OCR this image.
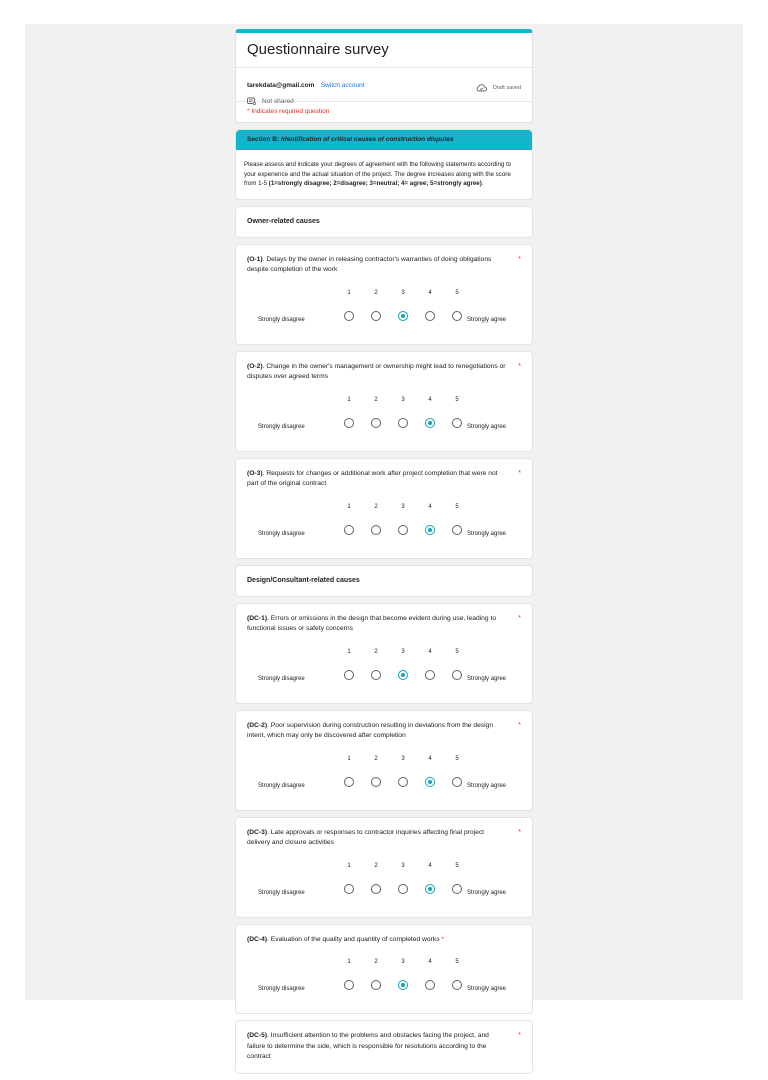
Questionnaire survey
tarekdata@gmail.com Switch account
Not shared
Draft saved
* Indicates required question
Section B: Identification of critical causes of construction disputes
Please assess and indicate your degrees of agreement with the following statements according to your experience and the actual situation of the project. The degree increases along with the score from 1-5 (1=strongly disagree; 2=disagree; 3=neutral; 4= agree; 5=strongly agree).
Owner-related causes
(O-1). Delays by the owner in releasing contractor's warranties of doing obligations despite completion of the work
*
Strongly disagree
1	2	3	4	5
Strongly agree
(O-2). Change in the owner's management or ownership might lead to renegotiations or disputes over agreed terms
*
Strongly disagree
1	2	3	4	5
Strongly agree
(O-3). Requests for changes or additional work after project completion that were not part of the original contract
*
Strongly disagree
1	2	3	4	5
Strongly agree
Design/Consultant-related causes
(DC-1). Errors or omissions in the design that become evident during use, leading to functional issues or safety concerns
*
Strongly disagree
1	2	3	4	5
Strongly agree
(DC-2). Poor supervision during construction resulting in deviations from the design intent, which may only be discovered after completion
*
Strongly disagree
1	2	3	4	5
Strongly agree
(DC-3). Late approvals or responses to contractor inquiries affecting final project delivery and closure activities
*
Strongly disagree
1	2	3	4	5
Strongly agree
(DC-4). Evaluation of the quality and quantity of completed works *
Strongly disagree
1	2	3	4	5
Strongly agree
(DC-5). Insufficient attention to the problems and obstacles facing the project, and failure to determine the side, which is responsible for resolutions according to the contract
*
